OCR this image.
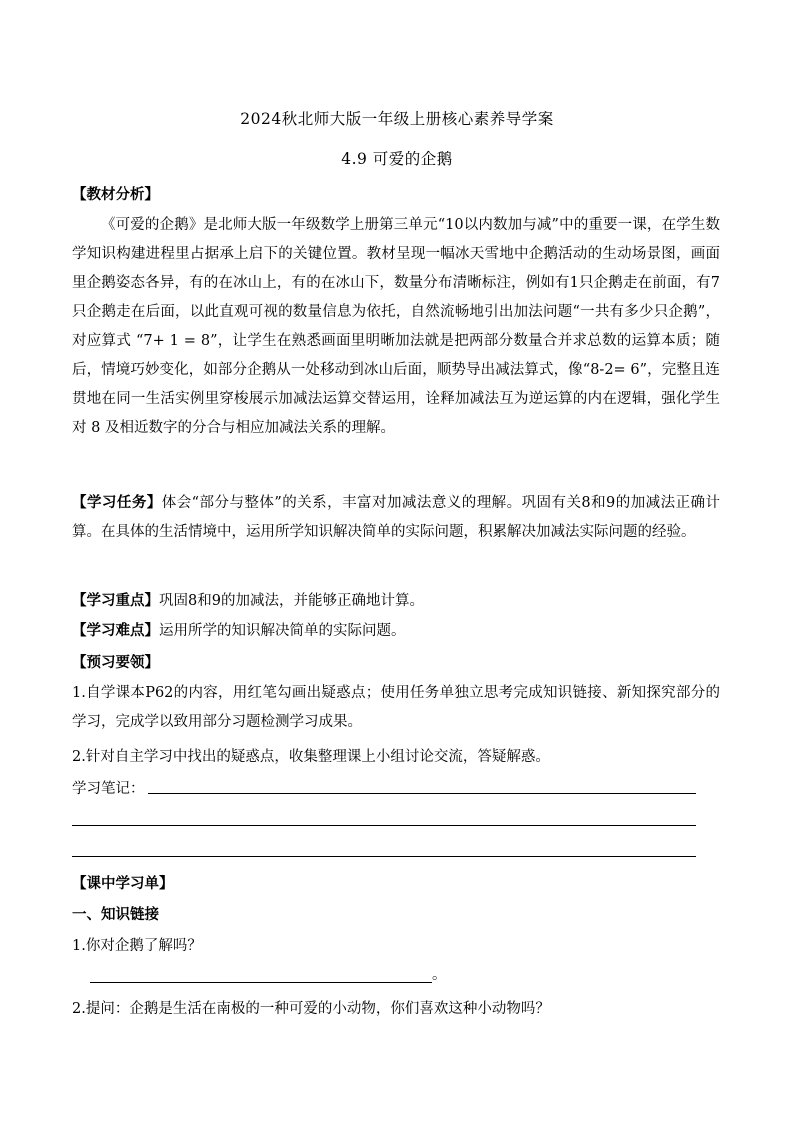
2024秋北师大版一年级上册核心素养导学案
4.9 可爱的企鹅
【教材分析】
《可爱的企鹅》是北师大版一年级数学上册第三单元“10以内数加与减”中的重要一课，在学生数学知识构建进程里占据承上启下的关键位置。教材呈现一幅冰天雪地中企鹅活动的生动场景图，画面里企鹅姿态各异，有的在冰山上，有的在冰山下，数量分布清晰标注，例如有1只企鹅走在前面，有7只企鹅走在后面，以此直观可视的数量信息为依托，自然流畅地引出加法问题“一共有多少只企鹅”，对应算式 “7+ 1 = 8”，让学生在熟悉画面里明晰加法就是把两部分数量合并求总数的运算本质；随后，情境巧妙变化，如部分企鹅从一处移动到冰山后面，顺势导出减法算式，像“8-2= 6”，完整且连贯地在同一生活实例里穿梭展示加减法运算交替运用，诠释加减法互为逆运算的内在逻辑，强化学生对 8 及相近数字的分合与相应加减法关系的理解。
【学习任务】体会“部分与整体”的关系，丰富对加减法意义的理解。巩固有关8和9的加减法正确计算。在具体的生活情境中，运用所学知识解决简单的实际问题，积累解决加减法实际问题的经验。
【学习重点】巩固8和9的加减法，并能够正确地计算。
【学习难点】运用所学的知识解决简单的实际问题。
【预习要领】
1.自学课本P62的内容，用红笔勾画出疑惑点；使用任务单独立思考完成知识链接、新知探究部分的学习，完成学以致用部分习题检测学习成果。
2.针对自主学习中找出的疑惑点，收集整理课上小组讨论交流，答疑解惑。
学习笔记：
【课中学习单】
一、知识链接
1.你对企鹅了解吗？
。
2.提问：企鹅是生活在南极的一种可爱的小动物，你们喜欢这种小动物吗？
